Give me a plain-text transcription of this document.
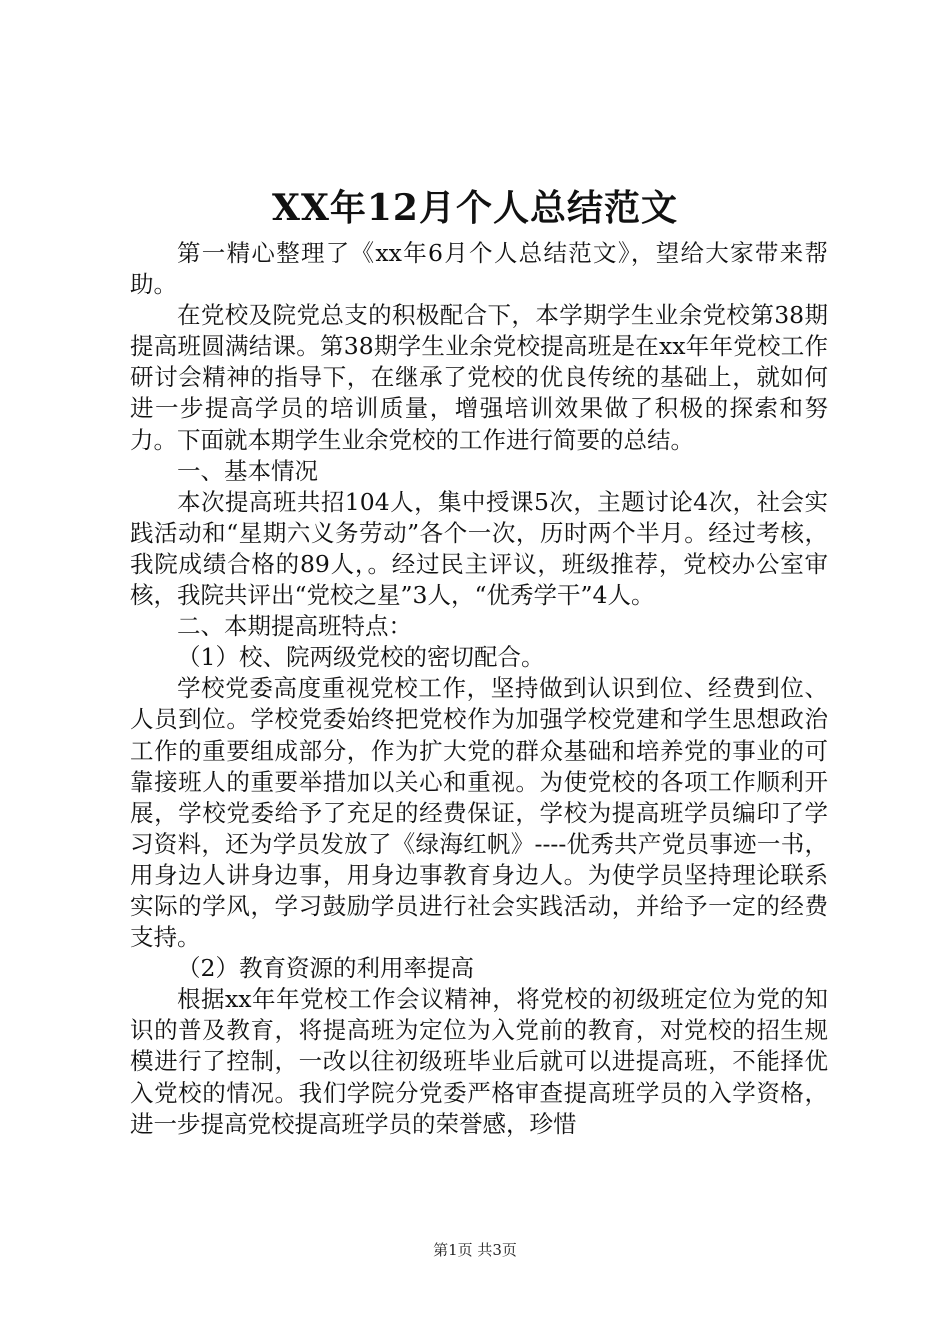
XX年12月个人总结范文

第一精心整理了《xx年6月个人总结范文》，望给大家带来帮助。

在党校及院党总支的积极配合下，本学期学生业余党校第38期提高班圆满结课。第38期学生业余党校提高班是在xx年年党校工作研讨会精神的指导下，在继承了党校的优良传统的基础上，就如何进一步提高学员的培训质量，增强培训效果做了积极的探索和努力。下面就本期学生业余党校的工作进行简要的总结。

一、基本情况

本次提高班共招104人，集中授课5次，主题讨论4次，社会实践活动和“星期六义务劳动”各个一次，历时两个半月。经过考核，我院成绩合格的89人，。经过民主评议，班级推荐，党校办公室审核，我院共评出“党校之星”3人，“优秀学干”4人。

二、本期提高班特点：

（1）校、院两级党校的密切配合。

学校党委高度重视党校工作，坚持做到认识到位、经费到位、人员到位。学校党委始终把党校作为加强学校党建和学生思想政治工作的重要组成部分，作为扩大党的群众基础和培养党的事业的可靠接班人的重要举措加以关心和重视。为使党校的各项工作顺利开展，学校党委给予了充足的经费保证，学校为提高班学员编印了学习资料，还为学员发放了《绿海红帆》----优秀共产党员事迹一书，用身边人讲身边事，用身边事教育身边人。为使学员坚持理论联系实际的学风，学习鼓励学员进行社会实践活动，并给予一定的经费支持。

（2）教育资源的利用率提高

根据xx年年党校工作会议精神，将党校的初级班定位为党的知识的普及教育，将提高班为定位为入党前的教育，对党校的招生规模进行了控制，一改以往初级班毕业后就可以进提高班，不能择优入党校的情况。我们学院分党委严格审查提高班学员的入学资格，进一步提高党校提高班学员的荣誉感，珍惜

第1页 共3页
